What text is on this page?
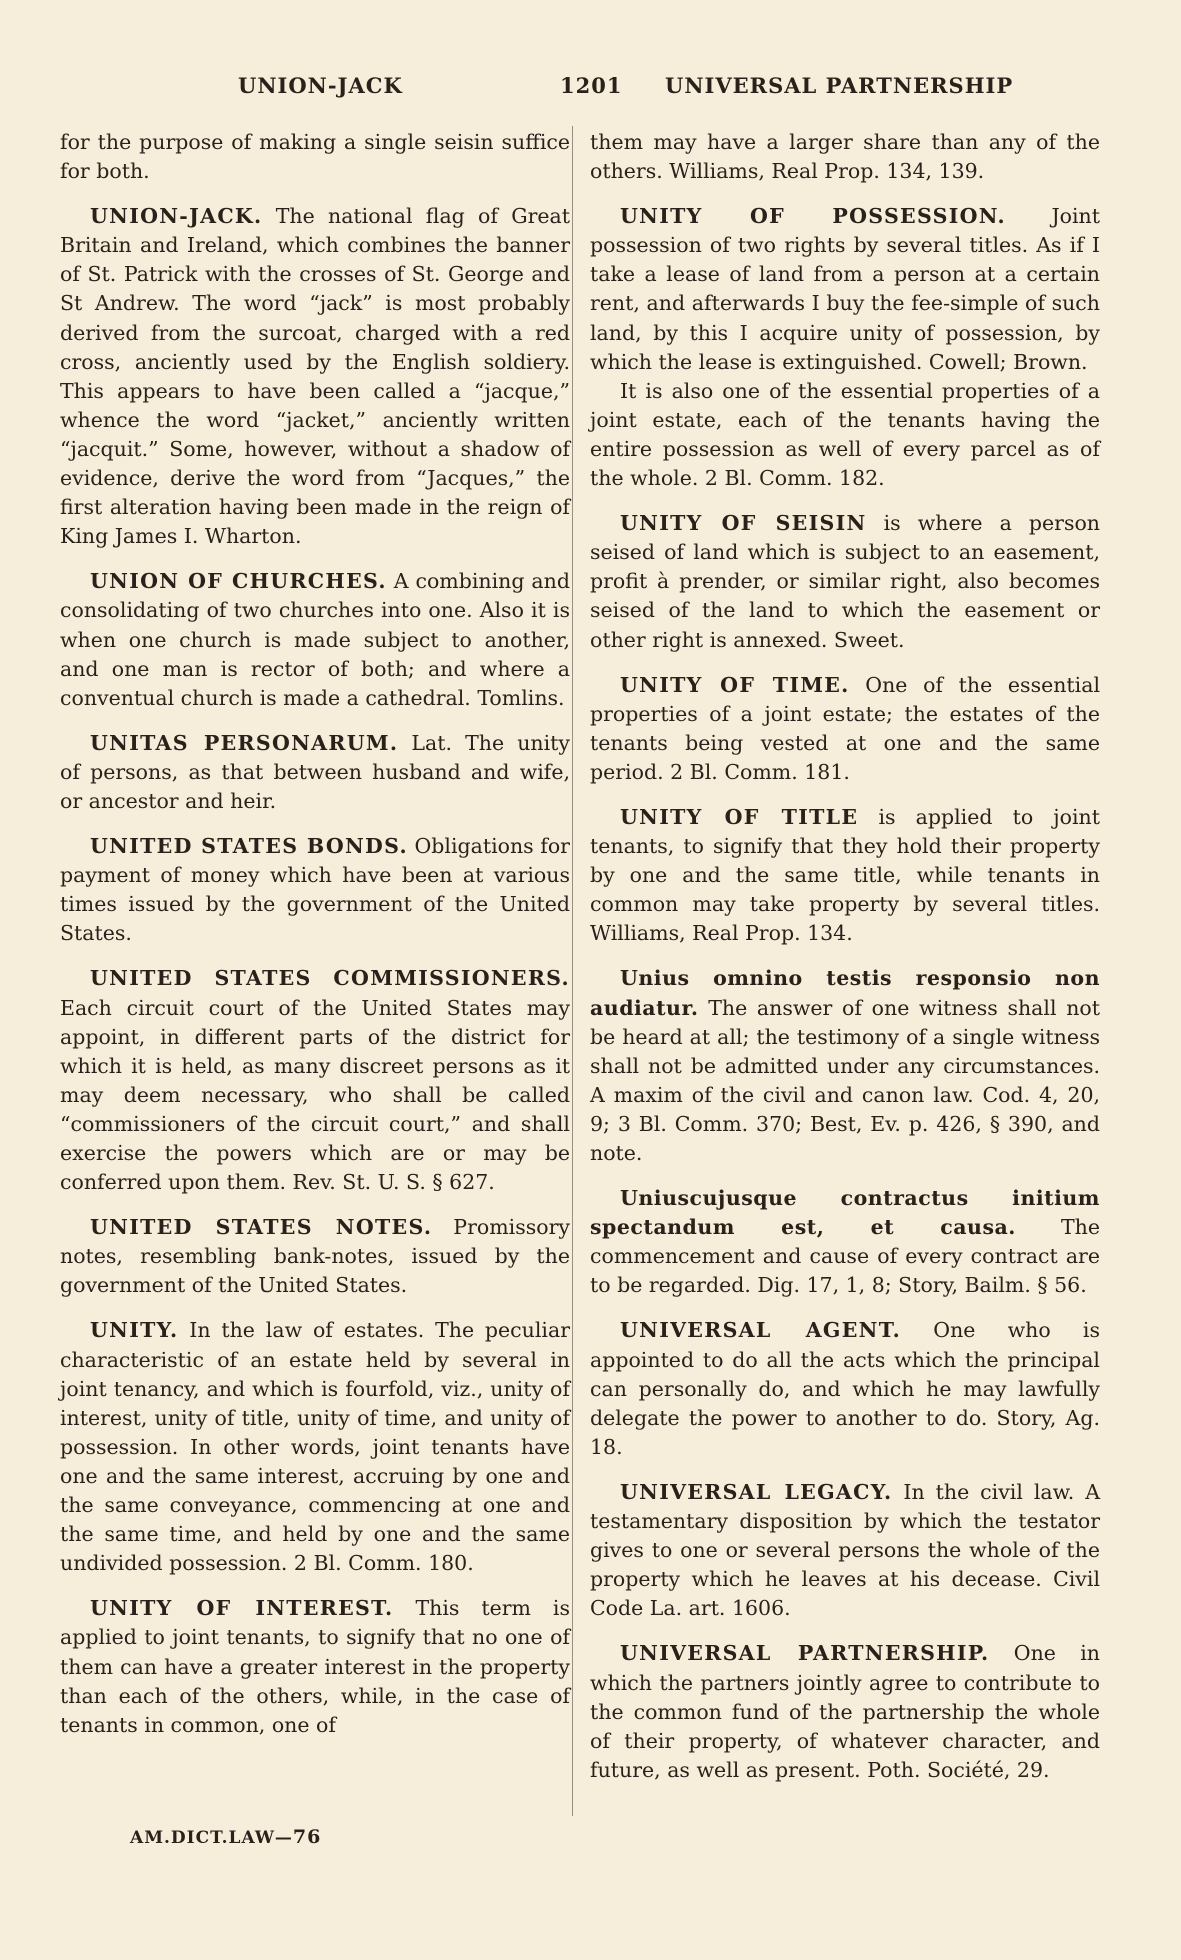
UNION-JACK	1201 UNIVERSAL PARTNERSHIP

for the purpose of making a single seisin suffice for both.

UNION-JACK. The national flag of Great Britain and Ireland, which combines the banner of St. Patrick with the crosses of St. George and St Andrew. The word “jack” is most probably derived from the surcoat, charged with a red cross, anciently used by the English soldiery. This appears to have been called a “jacque,” whence the word “jacket,” anciently written “jacquit.” Some, however, without a shadow of evidence, derive the word from “Jacques,” the first alteration having been made in the reign of King James I. Wharton.

UNION OF CHURCHES. A combining and consolidating of two churches into one. Also it is when one church is made subject to another, and one man is rector of both; and where a conventual church is made a cathedral. Tomlins.

UNITAS PERSONARUM. Lat. The unity of persons, as that between husband and wife, or ancestor and heir.

UNITED STATES BONDS. Obligations for payment of money which have been at various times issued by the government of the United States.

UNITED STATES COMMISSIONERS. Each circuit court of the United States may appoint, in different parts of the district for which it is held, as many discreet persons as it may deem necessary, who shall be called “commissioners of the circuit court,” and shall exercise the powers which are or may be conferred upon them. Rev. St. U. S. § 627.

UNITED STATES NOTES. Promissory notes, resembling bank-notes, issued by the government of the United States.

UNITY. In the law of estates. The peculiar characteristic of an estate held by several in joint tenancy, and which is fourfold, viz., unity of interest, unity of title, unity of time, and unity of possession. In other words, joint tenants have one and the same interest, accruing by one and the same conveyance, commencing at one and the same time, and held by one and the same undivided possession. 2 Bl. Comm. 180.

UNITY OF INTEREST. This term is applied to joint tenants, to signify that no one of them can have a greater interest in the property than each of the others, while, in the case of tenants in common, one of

them may have a larger share than any of the others. Williams, Real Prop. 134, 139.

UNITY OF POSSESSION. Joint possession of two rights by several titles. As if I take a lease of land from a person at a certain rent, and afterwards I buy the fee-simple of such land, by this I acquire unity of possession, by which the lease is extinguished. Cowell; Brown.

It is also one of the essential properties of a joint estate, each of the tenants having the entire possession as well of every parcel as of the whole. 2 Bl. Comm. 182.

UNITY OF SEISIN is where a person seised of land which is subject to an easement, profit à prender, or similar right, also becomes seised of the land to which the easement or other right is annexed. Sweet.

UNITY OF TIME. One of the essential properties of a joint estate; the estates of the tenants being vested at one and the same period. 2 Bl. Comm. 181.

UNITY OF TITLE is applied to joint tenants, to signify that they hold their property by one and the same title, while tenants in common may take property by several titles. Williams, Real Prop. 134.

Unius omnino testis responsio non audiatur. The answer of one witness shall not be heard at all; the testimony of a single witness shall not be admitted under any circumstances. A maxim of the civil and canon law. Cod. 4, 20, 9; 3 Bl. Comm. 370; Best, Ev. p. 426, § 390, and note.

Uniuscujusque contractus initium spectandum est, et causa. The commencement and cause of every contract are to be regarded. Dig. 17, 1, 8; Story, Bailm. § 56.

UNIVERSAL AGENT. One who is appointed to do all the acts which the principal can personally do, and which he may lawfully delegate the power to another to do. Story, Ag. 18.

UNIVERSAL LEGACY. In the civil law. A testamentary disposition by which the testator gives to one or several persons the whole of the property which he leaves at his decease. Civil Code La. art. 1606.

UNIVERSAL PARTNERSHIP. One in which the partners jointly agree to contribute to the common fund of the partnership the whole of their property, of whatever character, and future, as well as present. Poth. Société, 29.

AM.DICT.LAW—76
